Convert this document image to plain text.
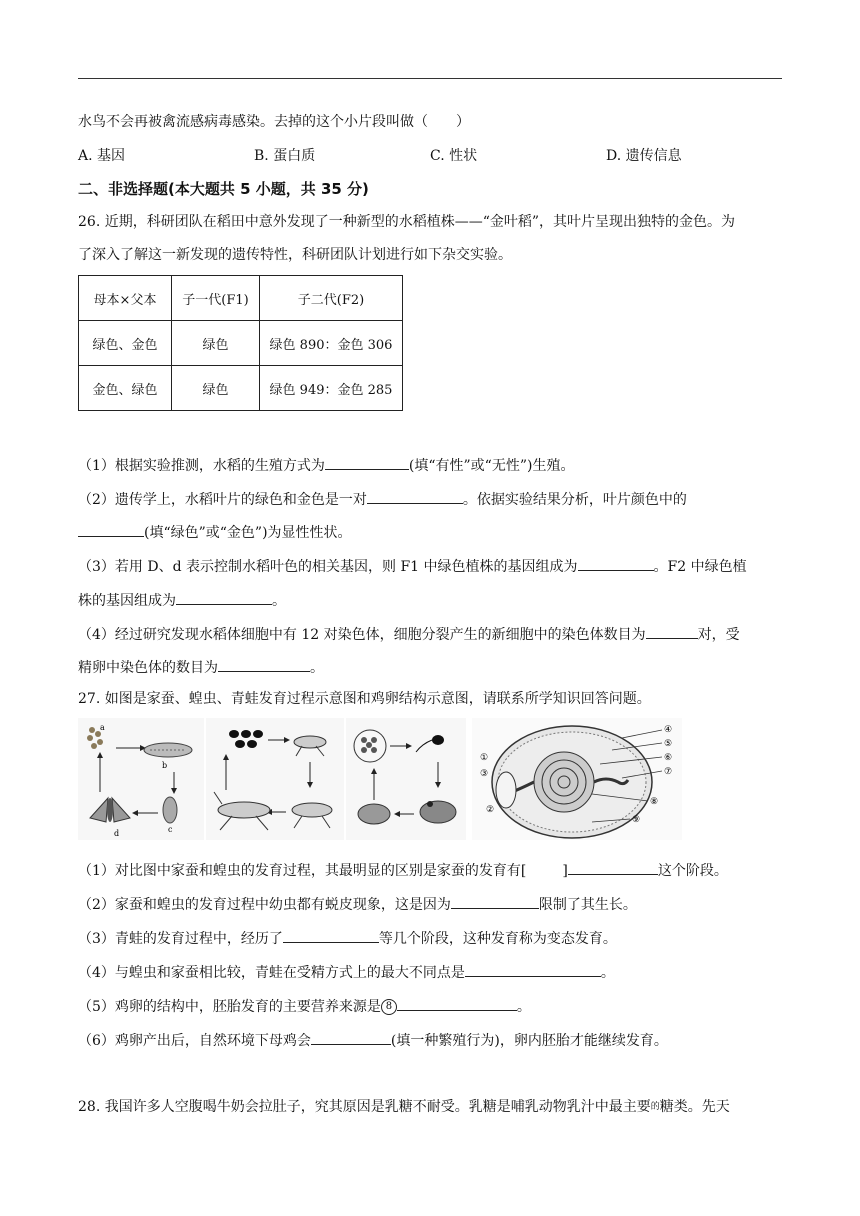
水鸟不会再被禽流感病毒感染。去掉的这个小片段叫做（　　）
A. 基因	B. 蛋白质	C. 性状	D. 遗传信息
二、非选择题(本大题共 5 小题，共 35 分)
26. 近期，科研团队在稻田中意外发现了一种新型的水稻植株——“金叶稻”，其叶片呈现出独特的金色。为
了深入了解这一新发现的遗传特性，科研团队计划进行如下杂交实验。
母本×父本	子一代(F1)	子二代(F2)
绿色、金色	绿色	绿色 890：金色 306
金色、绿色	绿色	绿色 949：金色 285
（1）根据实验推测，水稻的生殖方式为	(填“有性”或“无性”)生殖。
（2）遗传学上，水稻叶片的绿色和金色是一对	。依据实验结果分析，叶片颜色中的
(填“绿色”或“金色”)为显性性状。
（3）若用 D、d 表示控制水稻叶色的相关基因，则 F1 中绿色植株的基因组成为	。F2 中绿色植
株的基因组成为	。
（4）经过研究发现水稻体细胞中有 12 对染色体，细胞分裂产生的新细胞中的染色体数目为	对，受
精卵中染色体的数目为	。
27. 如图是家蚕、蝗虫、青蛙发育过程示意图和鸡卵结构示意图，请联系所学知识回答问题。
a
b
c
d
①
②
③
④
⑤
⑥
⑦
⑧
⑨
（1）对比图中家蚕和蝗虫的发育过程，其最明显的区别是家蚕的发育有[	]	这个阶段。
（2）家蚕和蝗虫的发育过程中幼虫都有蜕皮现象，这是因为	限制了其生长。
（3）青蛙的发育过程中，经历了	等几个阶段，这种发育称为变态发育。
（4）与蝗虫和家蚕相比较，青蛙在受精方式上的最大不同点是	。
（5）鸡卵的结构中，胚胎发育的主要营养来源是 8	。
（6）鸡卵产出后，自然环境下母鸡会	(填一种繁殖行为)，卵内胚胎才能继续发育。
28. 我国许多人空腹喝牛奶会拉肚子，究其原因是乳糖不耐受。乳糖是哺乳动物乳汁中最主要$^的$糖类。先天
